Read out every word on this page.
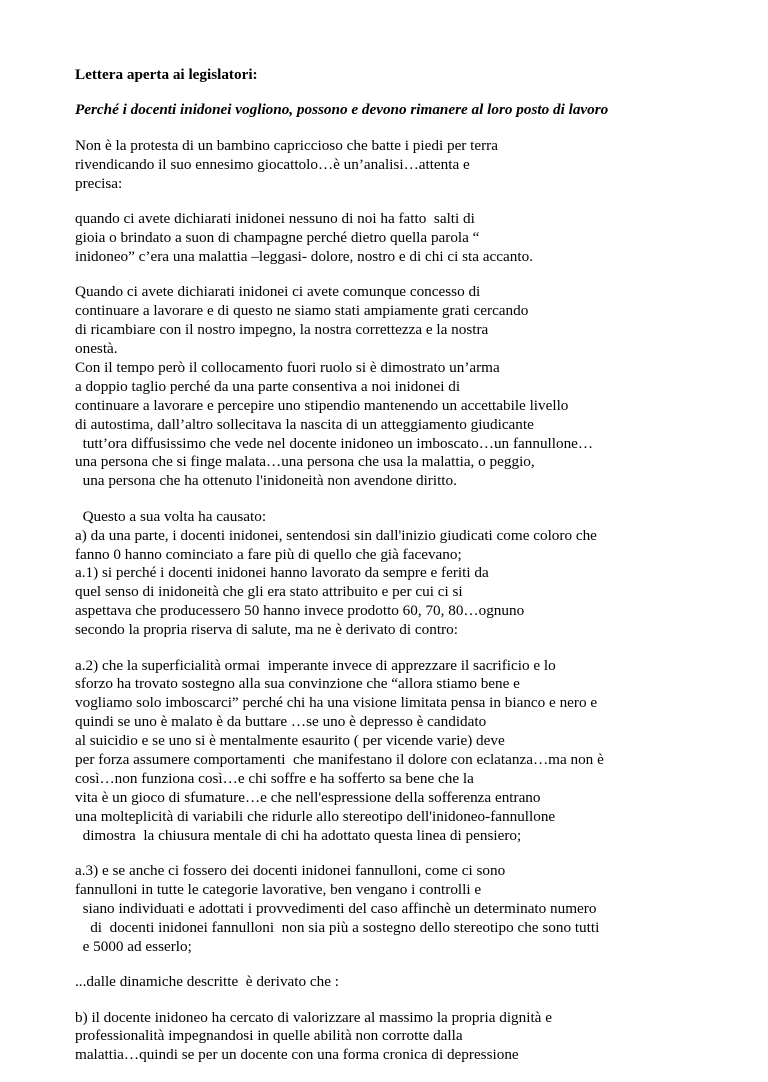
Lettera aperta ai legislatori:
Perché i docenti inidonei vogliono, possono e devono rimanere al loro posto di lavoro
Non è la protesta di un bambino capriccioso che batte i piedi per terra
rivendicando il suo ennesimo giocattolo…è un’analisi…attenta e
precisa:
quando ci avete dichiarati inidonei nessuno di noi ha fatto  salti di
gioia o brindato a suon di champagne perché dietro quella parola “
inidoneo” c’era una malattia –leggasi- dolore, nostro e di chi ci sta accanto.
Quando ci avete dichiarati inidonei ci avete comunque concesso di
continuare a lavorare e di questo ne siamo stati ampiamente grati cercando
di ricambiare con il nostro impegno, la nostra correttezza e la nostra
onestà.
Con il tempo però il collocamento fuori ruolo si è dimostrato un’arma
a doppio taglio perché da una parte consentiva a noi inidonei di
continuare a lavorare e percepire uno stipendio mantenendo un accettabile livello
di autostima, dall’altro sollecitava la nascita di un atteggiamento giudicante
tutt’ora diffusissimo che vede nel docente inidoneo un imboscato…un fannullone…
una persona che si finge malata…una persona che usa la malattia, o peggio,
una persona che ha ottenuto l'inidoneità non avendone diritto.
Questo a sua volta ha causato:
a) da una parte, i docenti inidonei, sentendosi sin dall'inizio giudicati come coloro che
fanno 0 hanno cominciato a fare più di quello che già facevano;
a.1) si perché i docenti inidonei hanno lavorato da sempre e feriti da
quel senso di inidoneità che gli era stato attribuito e per cui ci si
aspettava che producessero 50 hanno invece prodotto 60, 70, 80…ognuno
secondo la propria riserva di salute, ma ne è derivato di contro:
a.2) che la superficialità ormai  imperante invece di apprezzare il sacrificio e lo
sforzo ha trovato sostegno alla sua convinzione che “allora stiamo bene e
vogliamo solo imboscarci” perché chi ha una visione limitata pensa in bianco e nero e
quindi se uno è malato è da buttare …se uno è depresso è candidato
al suicidio e se uno si è mentalmente esaurito ( per vicende varie) deve
per forza assumere comportamenti  che manifestano il dolore con eclatanza…ma non è
così…non funziona così…e chi soffre e ha sofferto sa bene che la
vita è un gioco di sfumature…e che nell'espressione della sofferenza entrano
una molteplicità di variabili che ridurle allo stereotipo dell'inidoneo-fannullone
dimostra  la chiusura mentale di chi ha adottato questa linea di pensiero;
a.3) e se anche ci fossero dei docenti inidonei fannulloni, come ci sono
fannulloni in tutte le categorie lavorative, ben vengano i controlli e
siano individuati e adottati i provvedimenti del caso affinchè un determinato numero
di  docenti inidonei fannulloni  non sia più a sostegno dello stereotipo che sono tutti
e 5000 ad esserlo;
...dalle dinamiche descritte  è derivato che :
b) il docente inidoneo ha cercato di valorizzare al massimo la propria dignità e
professionalità impegnandosi in quelle abilità non corrotte dalla
malattia…quindi se per un docente con una forma cronica di depressione
